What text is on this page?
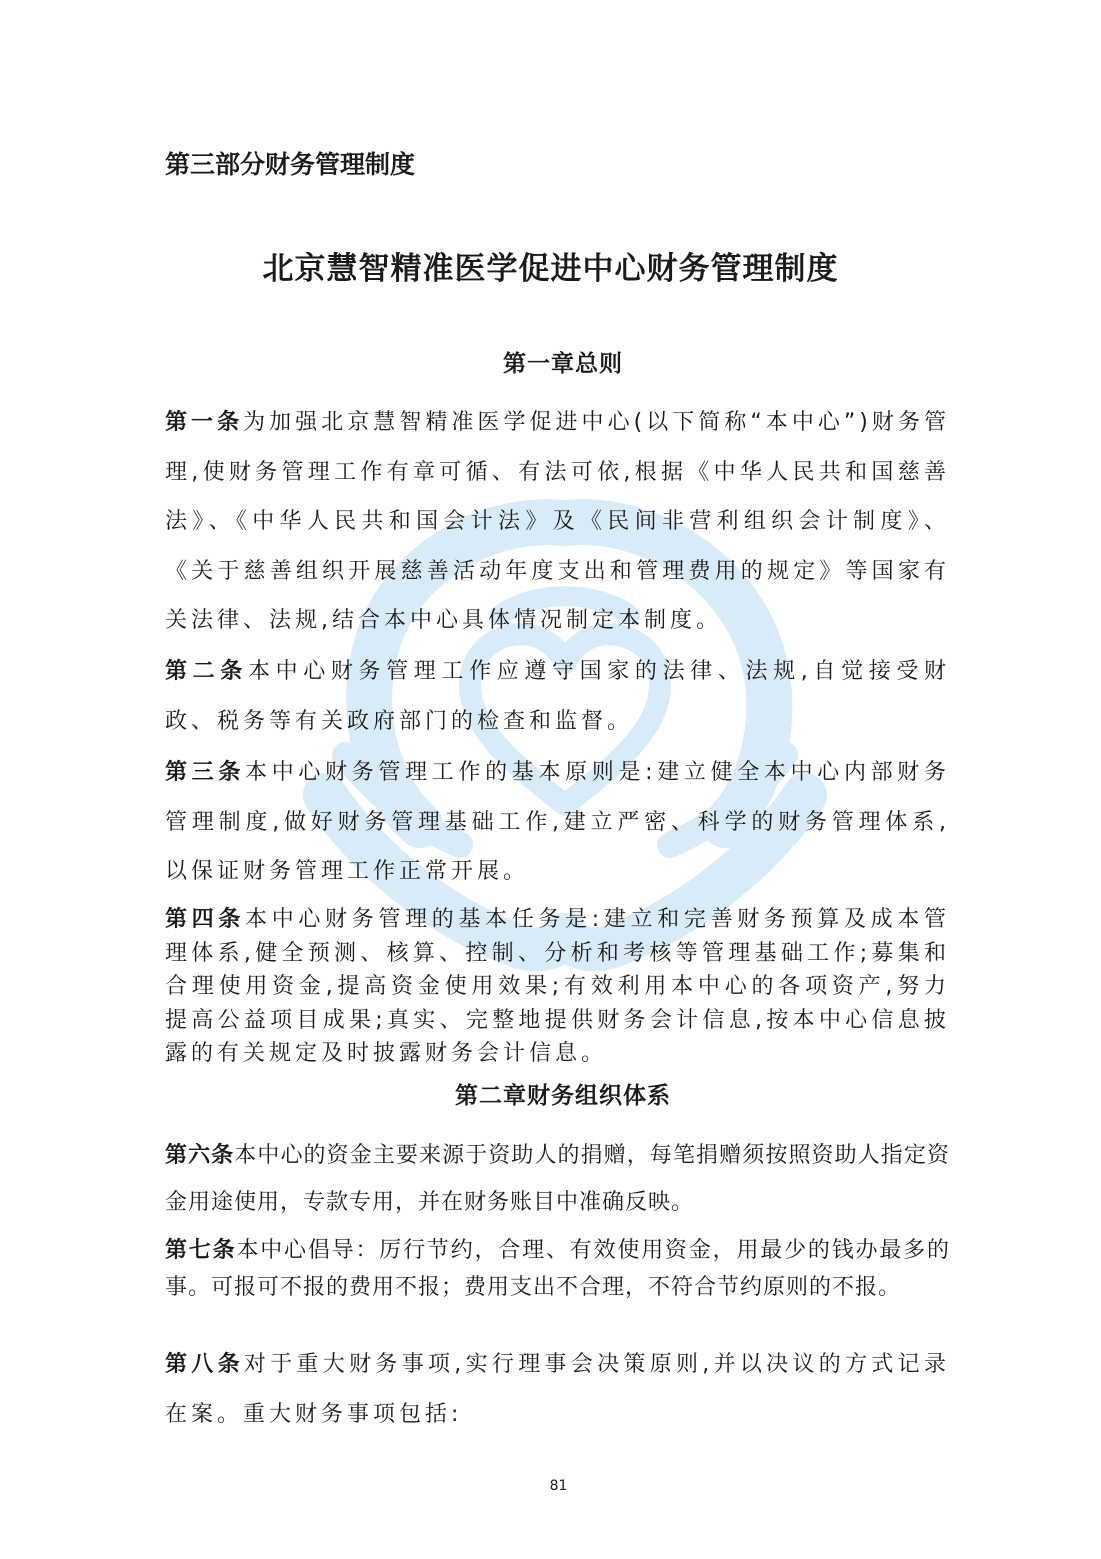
第三部分财务管理制度
北京慧智精准医学促进中心财务管理制度
第一章总则

第一条为加强北京慧智精准医学促进中心(以下简称“本中心”)财务管理,使财务管理工作有章可循、有法可依,根据《中华人民共和国慈善法》、《中华人民共和国会计法》及《民间非营利组织会计制度》、《关于慈善组织开展慈善活动年度支出和管理费用的规定》等国家有关法律、法规,结合本中心具体情况制定本制度。

第二条本中心财务管理工作应遵守国家的法律、法规,自觉接受财政、税务等有关政府部门的检查和监督。

第三条本中心财务管理工作的基本原则是:建立健全本中心内部财务管理制度,做好财务管理基础工作,建立严密、科学的财务管理体系,以保证财务管理工作正常开展。

第四条本中心财务管理的基本任务是:建立和完善财务预算及成本管理体系,健全预测、核算、控制、分析和考核等管理基础工作;募集和合理使用资金,提高资金使用效果;有效利用本中心的各项资产,努力提高公益项目成果;真实、完整地提供财务会计信息,按本中心信息披露的有关规定及时披露财务会计信息。

第二章财务组织体系

第六条本中心的资金主要来源于资助人的捐赠，每笔捐赠须按照资助人指定资金用途使用，专款专用，并在财务账目中准确反映。

第七条本中心倡导：厉行节约，合理、有效使用资金，用最少的钱办最多的事。可报可不报的费用不报；费用支出不合理，不符合节约原则的不报。

第八条对于重大财务事项,实行理事会决策原则,并以决议的方式记录在案。重大财务事项包括:

81
